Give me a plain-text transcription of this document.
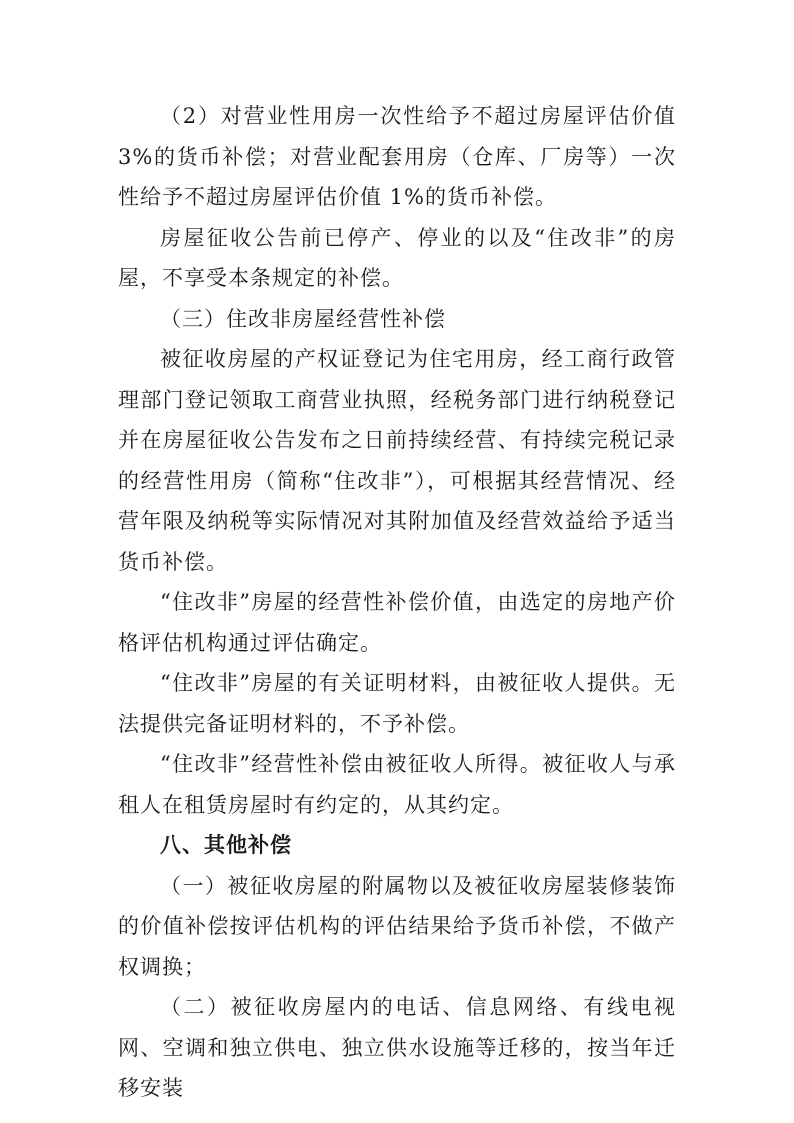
（2）对营业性用房一次性给予不超过房屋评估价值 3%的货币补偿；对营业配套用房（仓库、厂房等）一次性给予不超过房屋评估价值 1%的货币补偿。

房屋征收公告前已停产、停业的以及“住改非”的房屋，不享受本条规定的补偿。

（三）住改非房屋经营性补偿

被征收房屋的产权证登记为住宅用房，经工商行政管理部门登记领取工商营业执照，经税务部门进行纳税登记并在房屋征收公告发布之日前持续经营、有持续完税记录的经营性用房（简称“住改非”），可根据其经营情况、经营年限及纳税等实际情况对其附加值及经营效益给予适当货币补偿。

“住改非”房屋的经营性补偿价值，由选定的房地产价格评估机构通过评估确定。

“住改非”房屋的有关证明材料，由被征收人提供。无法提供完备证明材料的，不予补偿。

“住改非”经营性补偿由被征收人所得。被征收人与承租人在租赁房屋时有约定的，从其约定。

八、其他补偿

（一）被征收房屋的附属物以及被征收房屋装修装饰的价值补偿按评估机构的评估结果给予货币补偿，不做产权调换；

（二）被征收房屋内的电话、信息网络、有线电视网、空调和独立供电、独立供水设施等迁移的，按当年迁移安装
